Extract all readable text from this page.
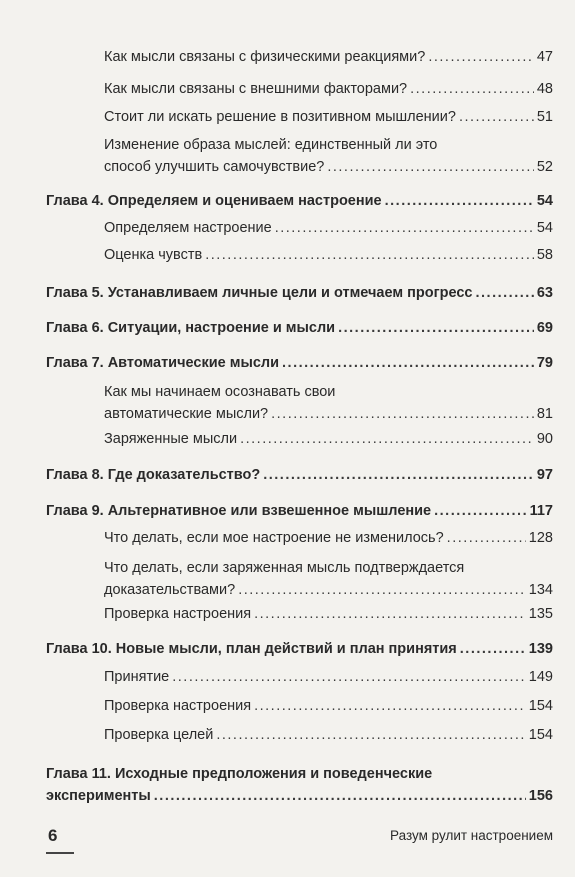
Как мысли связаны с физическими реакциями? .....	47
Как мысли связаны с внешними факторами? .....	48
Стоит ли искать решение в позитивном мышлении? .....	51
Изменение образа мыслей: единственный ли это
способ улучшить самочувствие? .....	52
Глава 4. Определяем и оцениваем настроение .....	54
Определяем настроение .....	54
Оценка чувств .....	58
Глава 5. Устанавливаем личные цели и отмечаем прогресс .....	63
Глава 6. Ситуации, настроение и мысли .....	69
Глава 7. Автоматические мысли .....	79
Как мы начинаем осознавать свои
автоматические мысли? .....	81
Заряженные мысли .....	90
Глава 8. Где доказательство? .....	97
Глава 9. Альтернативное или взвешенное мышление .....	117
Что делать, если мое настроение не изменилось? .....	128
Что делать, если заряженная мысль подтверждается
доказательствами? .....	134
Проверка настроения .....	135
Глава 10. Новые мысли, план действий и план принятия .....	139
Принятие .....	149
Проверка настроения .....	154
Проверка целей .....	154
Глава 11. Исходные предположения и поведенческие
эксперименты .....	156
6	Разум рулит настроением
